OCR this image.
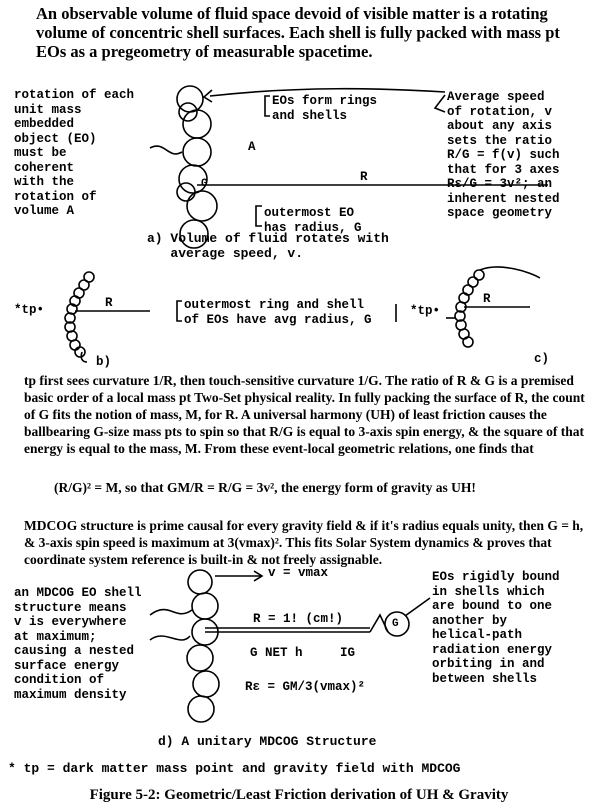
An observable volume of fluid space devoid of visible matter is a rotating volume of concentric shell surfaces. Each shell is fully packed with mass pt EOs as a pregeometry of measurable spacetime.
rotation of each
unit mass
embedded
object (EO)
must be
coherent
with the
rotation of
volume A
EOs form rings
and shells
A
G	R
outermost EO
has radius, G
Average speed
of rotation, v
about any axis
sets the ratio
R/G = f(v) such
that for 3 axes
Rε/G = 3v²; an
inherent nested
space geometry
a) Volume of fluid rotates with
average speed, v.
*tp•	R
b)
outermost ring and shell
of EOs have avg radius, G
*tp•
R
c)
tp first sees curvature 1/R, then touch-sensitive curvature 1/G. The ratio of R & G is a premised basic order of a local mass pt Two-Set physical reality. In fully packing the surface of R, the count of G fits the notion of mass, M, for R. A universal harmony (UH) of least friction causes the ballbearing G-size mass pts to spin so that R/G is equal to 3-axis spin energy, & the square of that energy is equal to the mass, M. From these event-local geometric relations, one finds that
(R/G)² = M, so that GM/R = R/G = 3v², the energy form of gravity as UH!
MDCOG structure is prime causal for every gravity field & if it's radius equals unity, then G = h, & 3-axis spin speed is maximum at 3(vmax)². This fits Solar System dynamics & proves that coordinate system reference is built-in & not freely assignable.
an MDCOG EO shell
structure means
v is everywhere
at maximum;
causing a nested
surface energy
condition of
maximum density
v = vmax
R = 1! (cm!)	G
G NET h	IG
Rε = GM/3(vmax)²
EOs rigidly bound
in shells which
are bound to one
another by
helical-path
radiation energy
orbiting in and
between shells
d) A unitary MDCOG Structure
* tp = dark matter mass point and gravity field with MDCOG
Figure 5-2: Geometric/Least Friction derivation of UH & Gravity
